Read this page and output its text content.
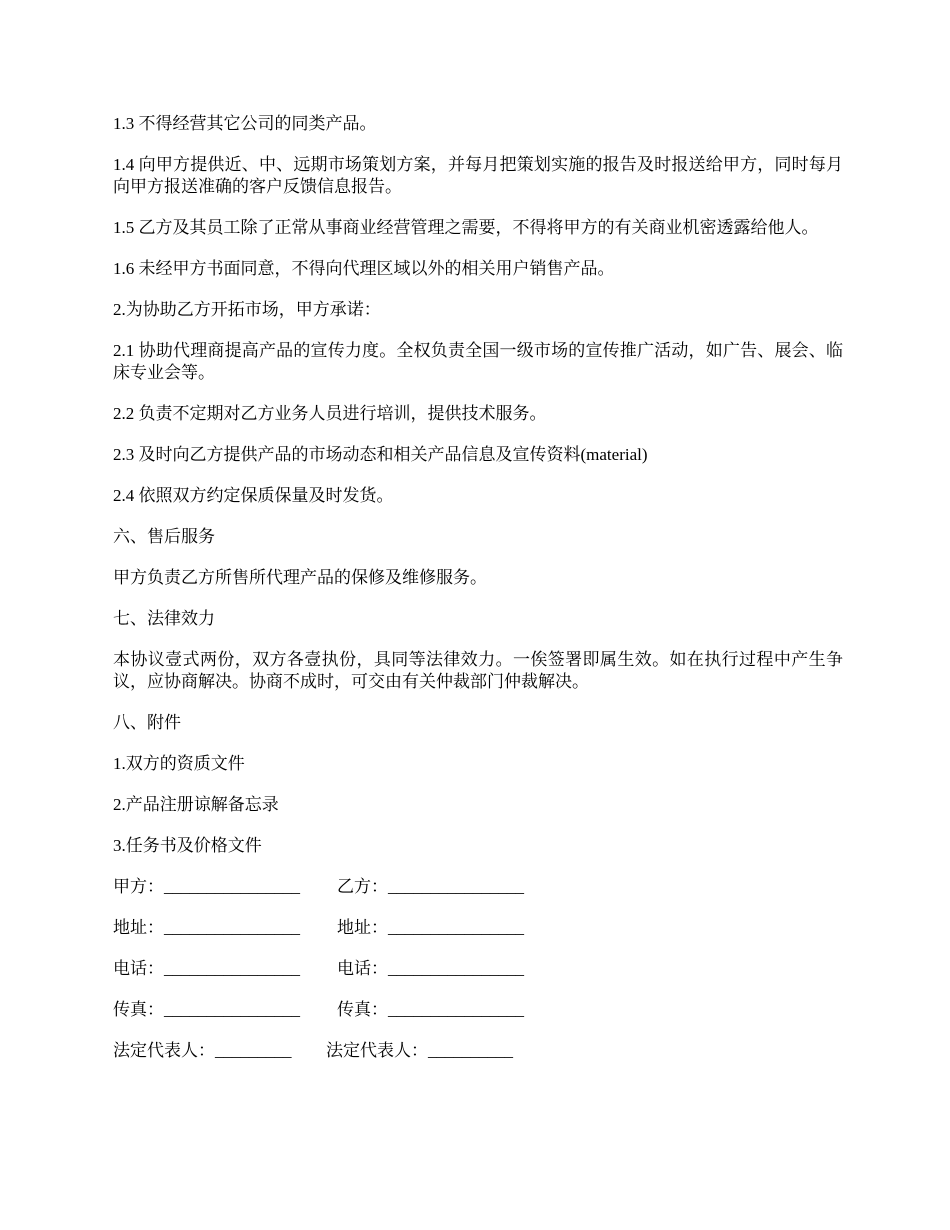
1.3 不得经营其它公司的同类产品。

1.4 向甲方提供近、中、远期市场策划方案，并每月把策划实施的报告及时报送给甲方，同时每月向甲方报送准确的客户反馈信息报告。

1.5 乙方及其员工除了正常从事商业经营管理之需要，不得将甲方的有关商业机密透露给他人。

1.6 未经甲方书面同意，不得向代理区域以外的相关用户销售产品。

2.为协助乙方开拓市场，甲方承诺：

2.1 协助代理商提高产品的宣传力度。全权负责全国一级市场的宣传推广活动，如广告、展会、临床专业会等。

2.2 负责不定期对乙方业务人员进行培训，提供技术服务。

2.3 及时向乙方提供产品的市场动态和相关产品信息及宣传资料(material)

2.4 依照双方约定保质保量及时发货。

六、售后服务

甲方负责乙方所售所代理产品的保修及维修服务。

七、法律效力

本协议壹式两份，双方各壹执份，具同等法律效力。一俟签署即属生效。如在执行过程中产生争议，应协商解决。协商不成时，可交由有关仲裁部门仲裁解决。

八、附件

1.双方的资质文件

2.产品注册谅解备忘录

3.任务书及价格文件

甲方：________________ 乙方：________________
地址：________________ 地址：________________
电话：________________ 电话：________________
传真：________________ 传真：________________
法定代表人：_________ 法定代表人：__________
